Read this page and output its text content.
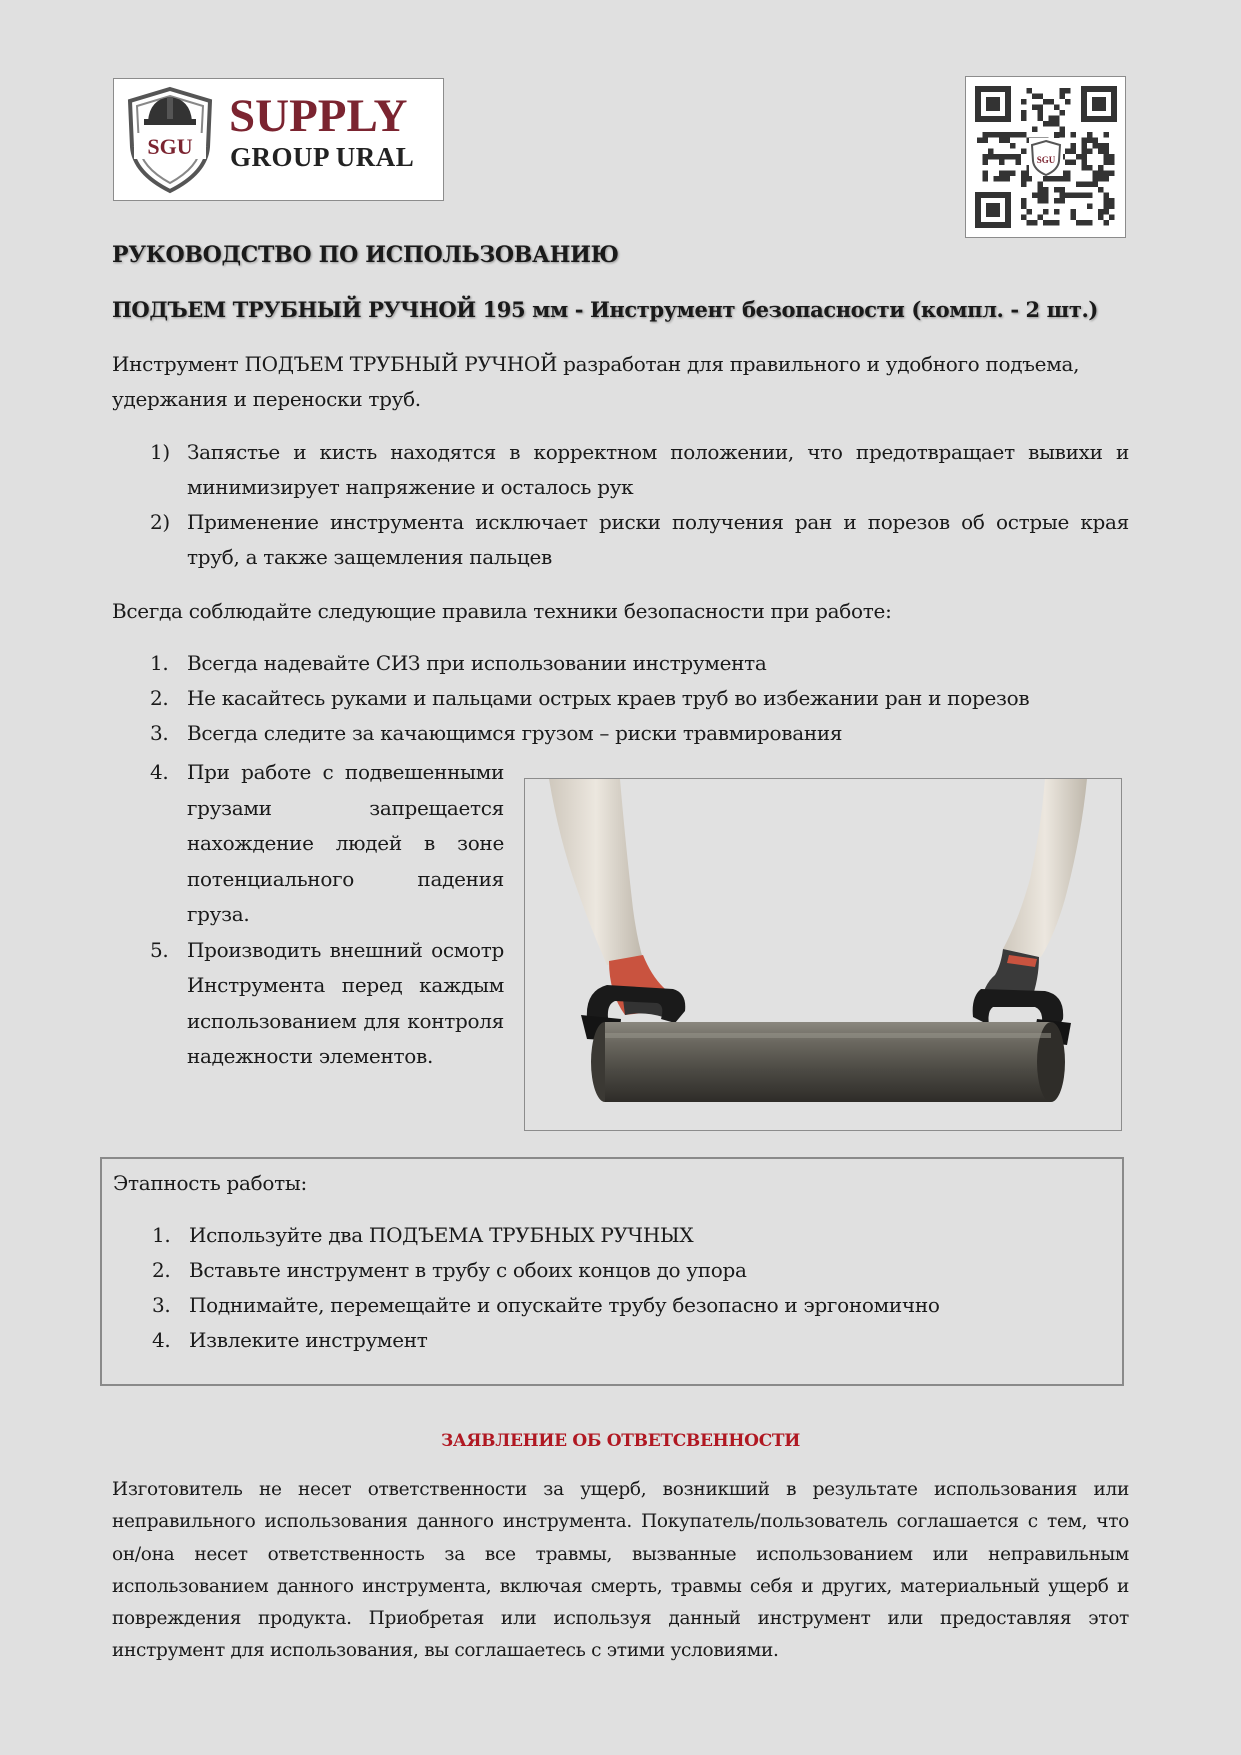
SGU
SUPPLY
GROUP URAL	SGU
РУКОВОДСТВО ПО ИСПОЛЬЗОВАНИЮ
ПОДЪЕМ ТРУБНЫЙ РУЧНОЙ 195 мм - Инструмент безопасности (компл. - 2 шт.)
Инструмент ПОДЪЕМ ТРУБНЫЙ РУЧНОЙ разработан для правильного и удобного подъема, удержания и переноски труб.
1) Запястье и кисть находятся в корректном положении, что предотвращает вывихи и минимизирует напряжение и осталось рук
2) Применение инструмента исключает риски получения ран и порезов об острые края труб, а также защемления пальцев
Всегда соблюдайте следующие правила техники безопасности при работе:
1. Всегда надевайте СИЗ при использовании инструмента
2. Не касайтесь руками и пальцами острых краев труб во избежании ран и порезов
3. Всегда следите за качающимся грузом – риски травмирования
4. При работе с подвешенными грузами запрещается нахождение людей в зоне потенциального падения груза.
5. Производить внешний осмотр Инструмента перед каждым использованием для контроля надежности элементов.
Этапность работы:
1. Используйте два ПОДЪЕМА ТРУБНЫХ РУЧНЫХ
2. Вставьте инструмент в трубу с обоих концов до упора
3. Поднимайте, перемещайте и опускайте трубу безопасно и эргономично
4. Извлеките инструмент
ЗАЯВЛЕНИЕ ОБ ОТВЕТСВЕННОСТИ
Изготовитель не несет ответственности за ущерб, возникший в результате использования или неправильного использования данного инструмента. Покупатель/пользователь соглашается с тем, что он/она несет ответственность за все травмы, вызванные использованием или неправильным использованием данного инструмента, включая смерть, травмы себя и других, материальный ущерб и повреждения продукта. Приобретая или используя данный инструмент или предоставляя этот инструмент для использования, вы соглашаетесь с этими условиями.
